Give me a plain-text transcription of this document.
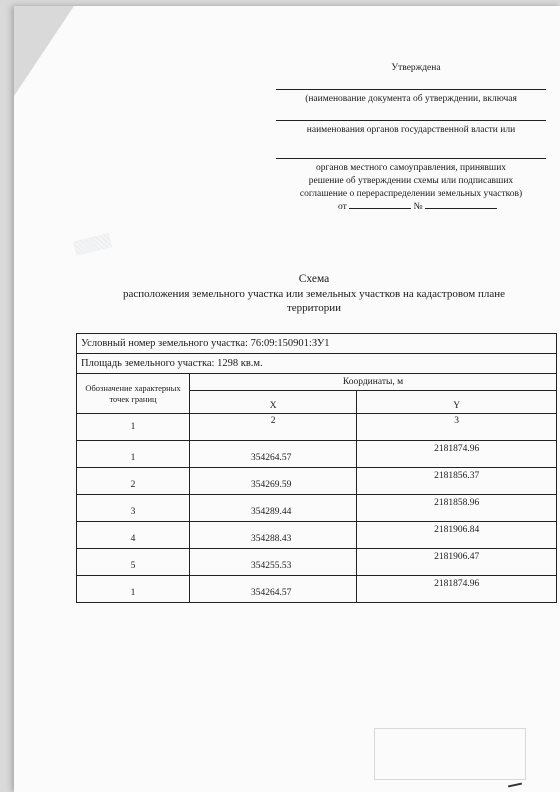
▒▒▒▒

Утверждена

(наименование документа об утверждении, включая

наименования органов государственной власти или

органов местного самоуправления, принявших

решение об утверждении схемы или подписавших

соглашение о перераспределении земельных участков)

от	№

Схема
расположения земельного участка или земельных участков на кадастровом плане
территории
Условный номер земельного участка: 76:09:150901:ЗУ1		
Площадь земельного участка: 1298 кв.м.		
Обозначение характерных точек границ	Координаты, м	
	X	Y
1	2	3
1	354264.57	2181874.96
2	354269.59	2181856.37
3	354289.44	2181858.96
4	354288.43	2181906.84
5	354255.53	2181906.47
1	354264.57	2181874.96
